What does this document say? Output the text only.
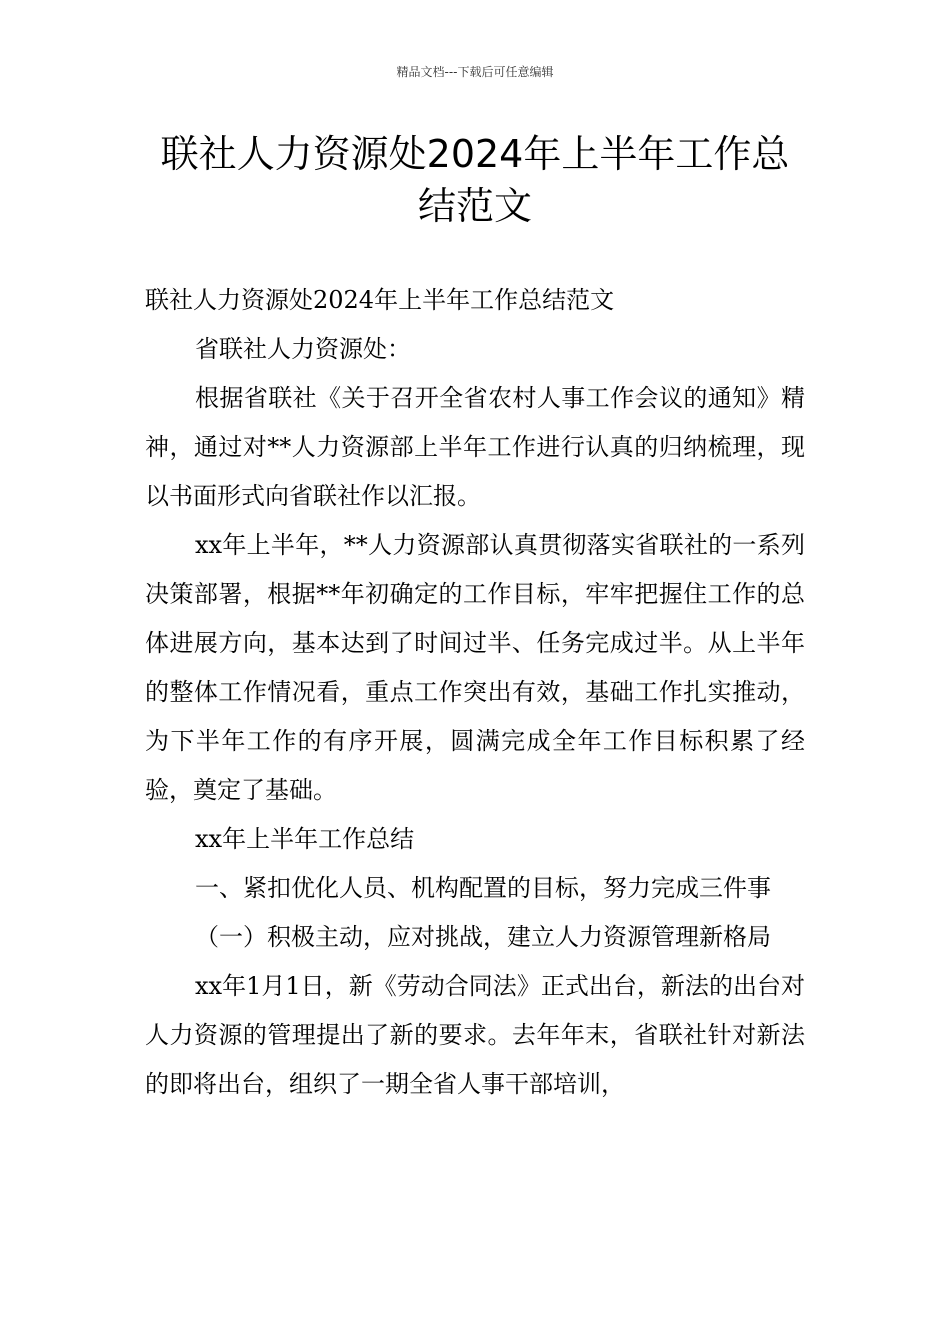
精品文档---下载后可任意编辑
联社人力资源处2024年上半年工作总结范文

联社人力资源处2024年上半年工作总结范文

省联社人力资源处：

根据省联社《关于召开全省农村人事工作会议的通知》精神，通过对**人力资源部上半年工作进行认真的归纳梳理，现以书面形式向省联社作以汇报。

xx年上半年，**人力资源部认真贯彻落实省联社的一系列决策部署，根据**年初确定的工作目标，牢牢把握住工作的总体进展方向，基本达到了时间过半、任务完成过半。从上半年的整体工作情况看，重点工作突出有效，基础工作扎实推动，为下半年工作的有序开展，圆满完成全年工作目标积累了经验，奠定了基础。

xx年上半年工作总结

一、紧扣优化人员、机构配置的目标，努力完成三件事

（一）积极主动，应对挑战，建立人力资源管理新格局

xx年1月1日，新《劳动合同法》正式出台，新法的出台对人力资源的管理提出了新的要求。去年年末，省联社针对新法的即将出台，组织了一期全省人事干部培训，
